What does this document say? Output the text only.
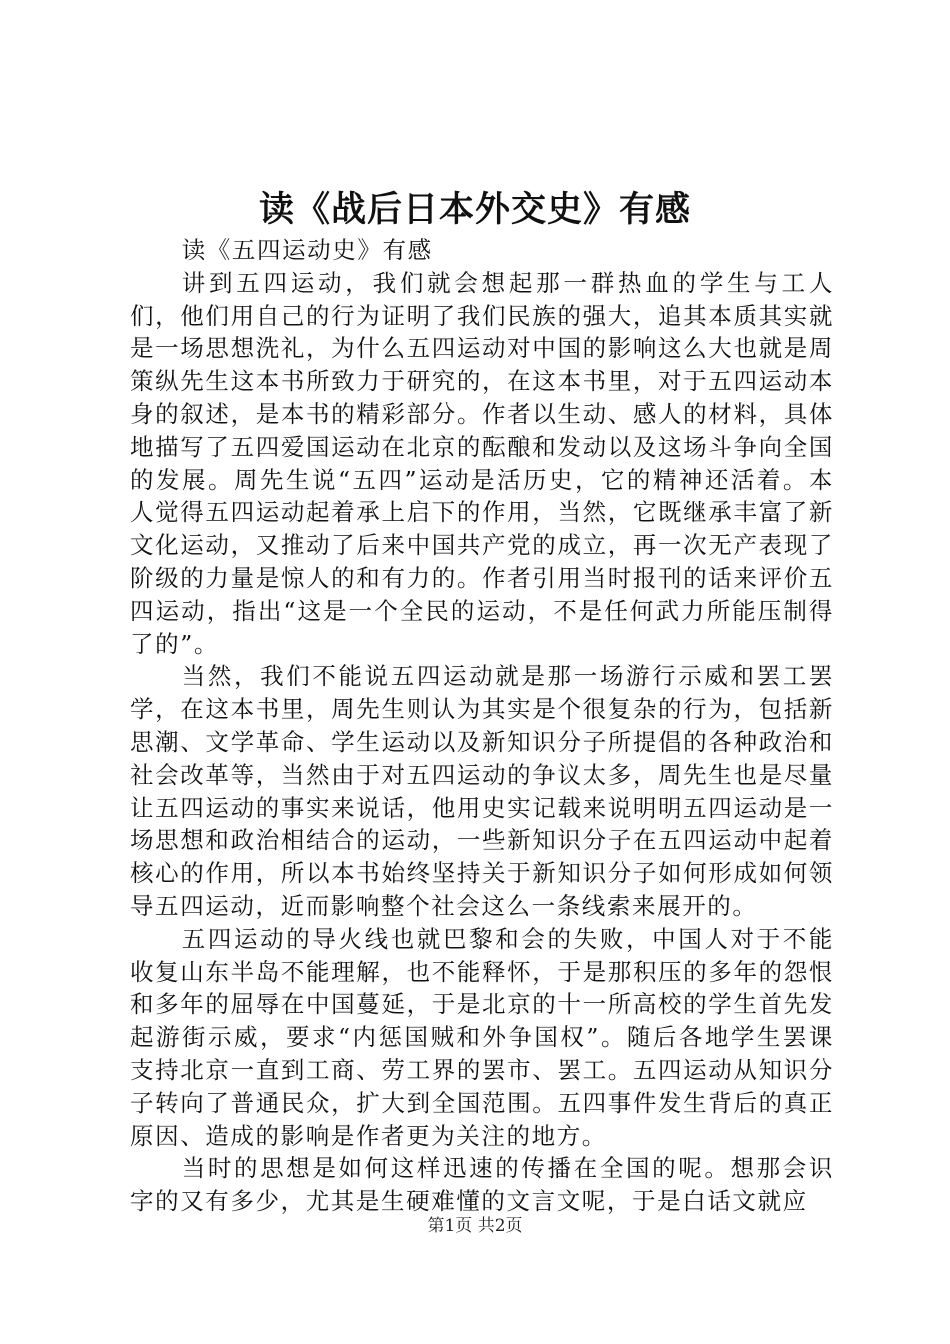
读《战后日本外交史》有感

读《五四运动史》有感

讲到五四运动，我们就会想起那一群热血的学生与工人们，他们用自己的行为证明了我们民族的强大，追其本质其实就是一场思想洗礼，为什么五四运动对中国的影响这么大也就是周策纵先生这本书所致力于研究的，在这本书里，对于五四运动本身的叙述，是本书的精彩部分。作者以生动、感人的材料，具体地描写了五四爱国运动在北京的酝酿和发动以及这场斗争向全国的发展。周先生说“五四”运动是活历史，它的精神还活着。本人觉得五四运动起着承上启下的作用，当然，它既继承丰富了新文化运动，又推动了后来中国共产党的成立，再一次无产表现了阶级的力量是惊人的和有力的。作者引用当时报刊的话来评价五四运动，指出“这是一个全民的运动，不是任何武力所能压制得了的”。

当然，我们不能说五四运动就是那一场游行示威和罢工罢学，在这本书里，周先生则认为其实是个很复杂的行为，包括新思潮、文学革命、学生运动以及新知识分子所提倡的各种政治和社会改革等，当然由于对五四运动的争议太多，周先生也是尽量让五四运动的事实来说话，他用史实记载来说明明五四运动是一场思想和政治相结合的运动，一些新知识分子在五四运动中起着核心的作用，所以本书始终坚持关于新知识分子如何形成如何领导五四运动，近而影响整个社会这么一条线索来展开的。

五四运动的导火线也就巴黎和会的失败，中国人对于不能收复山东半岛不能理解，也不能释怀，于是那积压的多年的怨恨和多年的屈辱在中国蔓延，于是北京的十一所高校的学生首先发起游街示威，要求“内惩国贼和外争国权”。随后各地学生罢课支持北京一直到工商、劳工界的罢市、罢工。五四运动从知识分子转向了普通民众，扩大到全国范围。五四事件发生背后的真正原因、造成的影响是作者更为关注的地方。

当时的思想是如何这样迅速的传播在全国的呢。想那会识字的又有多少，尤其是生硬难懂的文言文呢，于是白话文就应

第1页 共2页
